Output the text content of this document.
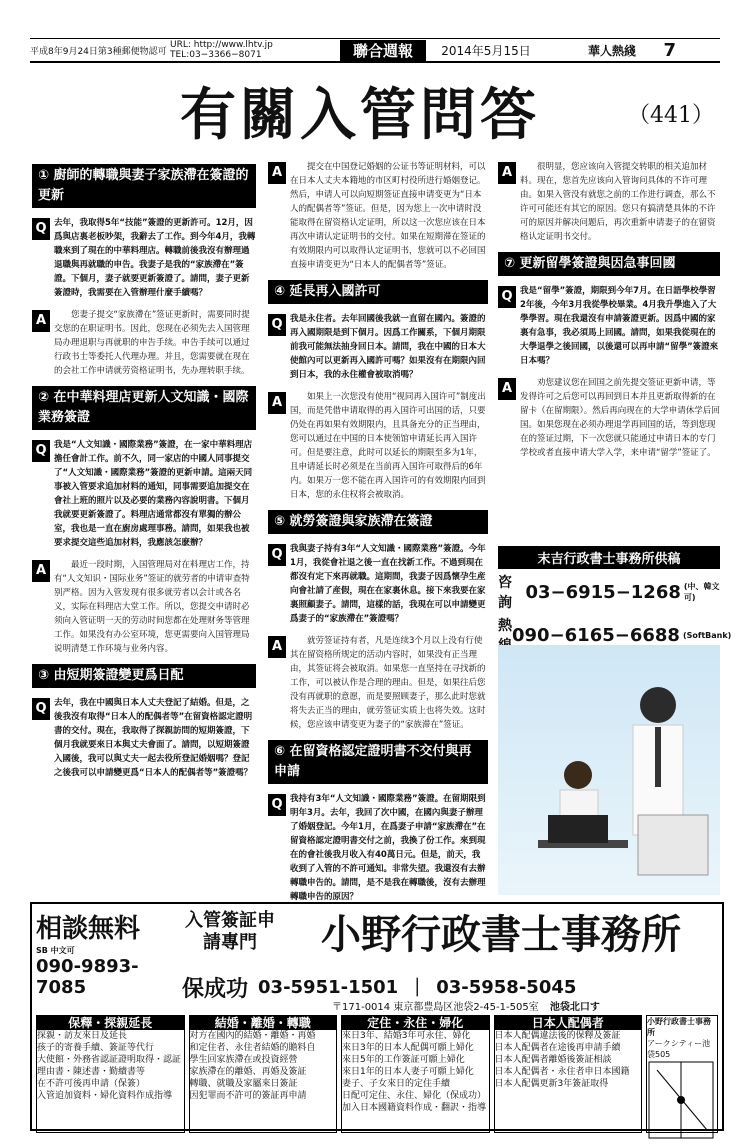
平成8年9月24日第3種郵便物認可
URL: http://www.lhtv.jp TEL:03−3366−8071	聯合週報	2014年5月15日	華人熱綫	7
有關入管問答	（441）
① 廚師的轉職與妻子家族滯在簽證的更新
Q 去年，我取得5年“技能”簽證的更新許可。12月，因爲與店裏老板吵架，我辭去了工作。到今年4月，我轉職來到了現在的中華料理店。轉職前後我沒有辦理過退職與再就職的申告。我妻子是我的“家族滯在”簽證。下個月，妻子就要更新簽證了。請問，妻子更新簽證時，我需要在入管辦理什麼手續嗎？
A	您妻子提交“家族滯在”签证更新时，需要同时提交您的在职证明书。因此，您现在必须先去入国管理局办理退职与再就职的申告手续。申告手续可以通过行政书士等委托人代理办理。并且，您需要就在现在的会社工作申请就劳资格证明书，先办理转职手续。
② 在中華料理店更新人文知識・國際業務簽證
Q 我是“人文知識・國際業務”簽證，在一家中華料理店擔任會計工作。前不久，同一家店的中國人同事提交了“人文知識・國際業務”簽證的更新申請。這兩天同事被入管要求追加材料的通知，同事需要追加提交在會社上班的照片以及必要的業務內容說明書。下個月我就要更新簽證了。料理店通常都沒有單獨的辦公室，我也是一直在廚房處理事務。請問，如果我也被要求提交這些追加材料，我應該怎麽辦？
A	最近一段时期，入国管理局对在料理店工作，持有“人文知识・国际业务”签证的就劳者的申请审查特别严格。因为入管发现有很多就劳者以会计或各名义，实际在料理店大堂工作。所以，您提交申请时必须向入管证明一天的劳动时间您都在处理财务等管理工作。如果没有办公室环境，您更需要向入国管理局说明清楚工作环境与业务内容。
③ 由短期簽證變更爲日配
Q 去年，我在中國與日本人丈夫登記了結婚。但是，之後我沒有取得“日本人的配偶者等”在留資格認定證明書的交付。現在，我取得了探親訪問的短期簽證，下個月我就要來日本與丈夫會面了。請問，以短期簽證入國後，我可以與丈夫一起去役所登記婚姻嗎？登記之後我可以申請變更爲“日本人的配偶者等”簽證嗎？
A	提交在中国登记婚姻的公证书等证明材料，可以在日本人丈夫本籍地的市区町村役所进行婚姻登记。然后，申请人可以向短期签证直接申请变更为“日本人的配偶者等”签证。但是，因为您上一次申请时没能取得在留资格认定证明，所以这一次您应该在日本再次申请认定证明书的交付。如果在短期滞在签证的有效期限内可以取得认定证明书，您就可以不必回国直接申请变更为“日本人的配偶者等”签证。
④ 延長再入國許可
Q 我是永住者。去年回國後我就一直留在國內。簽證的再入國期限是到下個月。因爲工作關系，下個月期限前我可能無法抽身回日本。請問，我在中國的日本大使館內可以更新再入國許可嗎？如果沒有在期限內回到日本，我的永住權會被取消嗎？
A	如果上一次您没有使用“视同再入国许可”制度出国，而是凭借申请取得的再入国许可出国的话，只要仍处在再如果有效期限内，且具备充分的正当理由，您可以通过在中国的日本使领馆申请延长再入国许可。但是要注意，此时可以延长的期限至多为1年，且申请延长时必须是在当前再入国许可取得后的6年内。如果万一您不能在再入国许可的有效期限内回到日本，您的永住权将会被取消。
⑤ 就勞簽證與家族滯在簽證
Q 我與妻子持有3年“人文知識・國際業務”簽證。今年1月，我從會社退之後一直在找新工作。不過到現在都沒有定下來再就職。這期間，我妻子因爲懷孕生産向會社請了産假，現在在家裏休息。接下來我要在家裏照顧妻子。請問，這樣的話，我現在可以申請變更爲妻子的“家族滯在”簽證嗎？
A	就劳签证持有者，凡是连续3个月以上没有行使其在留资格所规定的活动内容时，如果没有正当理由，其签证将会被取消。如果您一直坚持在寻找新的工作，可以被认作是合理的理由。但是，如果往后您没有再就职的意愿，而是要照顾妻子，那么此时您就将失去正当的理由，就劳签证实质上也将失效。这时候，您应该申请变更为妻子的“家族滞在”签证。
⑥ 在留資格認定證明書不交付與再申請
Q 我持有3年“人文知識・國際業務”簽證。在留期限到明年3月。去年，我回了次中國，在國內與妻子辦理了婚姻登記。今年1月，在爲妻子申請“家族滯在”在留資格認定證明書交付之前，我換了份工作。來到現在的會社後我月收入有40萬日元。但是，前天，我收到了入管的不許可通知。非常失望。我還沒有去辦轉職申告的。請問，是不是我在轉職後，沒有去辦理轉職申告的原因？
A	很明显，您应该向入管提交转职的相关追加材料。现在，您首先应该向入管询问具体的不许可理由。如果入管没有就您之前的工作进行调查，那么不许可可能还有其它的原因。您只有搞清楚具体的不许可的原因并解决问题后，再次重新申请妻子的在留资格认定证明书交付。
⑦ 更新留學簽證與因急事回國
Q 我是“留學”簽證，期限到今年7月。在日語學校學習2年後，今年3月我從學校畢業。4月我升學進入了大學學習。現在我還沒有申請簽證更新。因爲中國的家裏有急事，我必須馬上回國。請問，如果我從現在的大學退學之後回國，以後還可以再申請“留學”簽證來日本嗎？
A	劝您建议您在回国之前先提交签证更新申请，等发得许可之后您可以再回到日本并且更新取得新的在留卡（在留期限）。然后再向现在的大学申请休学后回国。如果您现在必须办理退学再回国的话，等到您现在的签证过期，下一次您就只能通过申请日本的专门学校或者直接申请大学入学，来申请“留学”签证了。
末吉行政書士事務所供稿
咨詢
03−6915−1268 (中、韓文可)
熱 090−6165−6688 (SoftBank)
相談無料
SB 中文可
090-9893-7085
入管簽証申請專門	小野行政書士事務所
保成功 03-5951-1501 ｜ 03-5958-5045
〒171-0014 東京都豊島区池袋2-45-1-505室 池袋北口す
保釋・探親延長
探親・訪友來日及延長
孩子的寄養手續、簽証等代行
大使館・外務省認証證明取得・認証
理由書・陳述書・勤續書等
在不許可後再申請（保簽）
入管追加資料・婦化資料作成指導
結婚・離婚・轉職
对方在國內的結婚・離婚・再婚
和定住者、永住者結婚的贍料自
學生回家族滯在或投資經營
家族滯在的離婚、再婚及簽証
轉職、就職及家屬來日簽証
因犯罪而不許可的簽証再申請
定住・永住・婦化
來日3年、結婚3年可永住、婦化
來日3年的日本人配偶可願上婦化
來日5年的工作簽証可願上婦化
來日1年的日本人妻子可願上婦化
妻子、子女來日的定住手續
日配可定住、永住、婦化（保成功）
加入日本國籍資料作成・翻訳・指導
日本人配偶者
日本人配偶違法後的保釋及簽証
日本人配偶者在途後再申請手續
日本人配偶者離婚後簽証相談
日本人配偶者・永住者申日本國籍
日本人配偶更新3年簽証取得
小野行政書士事務所
アークシティー池袋505
